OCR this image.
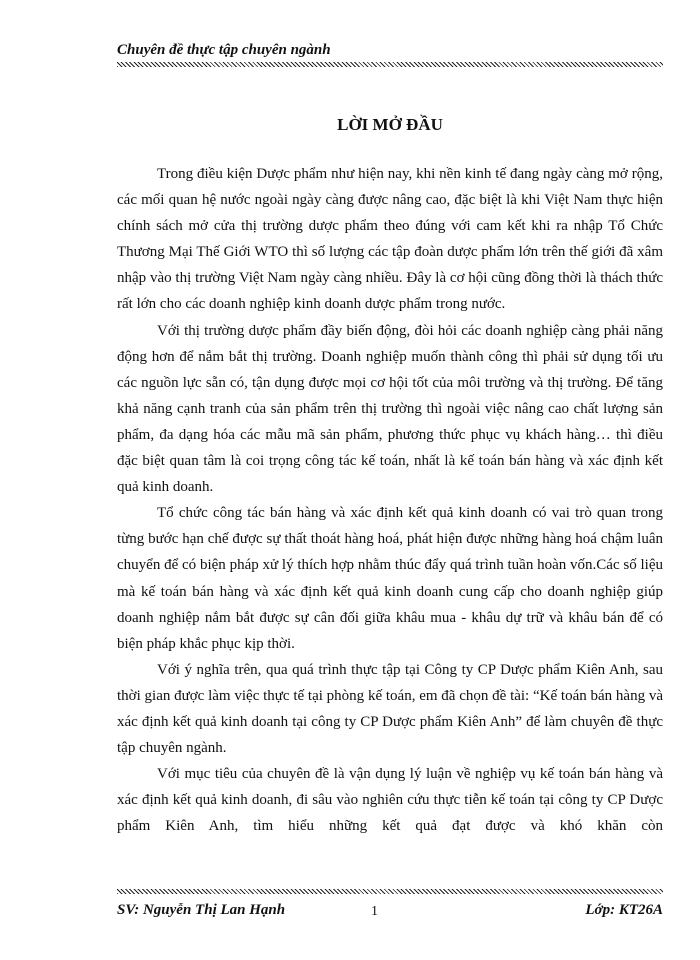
Chuyên đề thực tập chuyên ngành
LỜI MỞ ĐẦU

Trong điều kiện Dược phẩm như hiện nay, khi nền kinh tế đang ngày càng mở rộng, các mối quan hệ nước ngoài ngày càng được nâng cao, đặc biệt là khi Việt Nam thực hiện chính sách mở cửa thị trường dược phẩm theo đúng với cam kết khi ra nhập Tổ Chức Thương Mại Thế Giới WTO thì số lượng các tập đoàn dược phẩm lớn trên thế giới đã xâm nhập vào thị trường Việt Nam ngày càng nhiều. Đây là cơ hội cũng đồng thời là thách thức rất lớn cho các doanh nghiệp kinh doanh dược phẩm trong nước.

Với thị trường dược phẩm đầy biến động, đòi hỏi các doanh nghiệp càng phải năng động hơn để nắm bắt thị trường. Doanh nghiệp muốn thành công thì phải sử dụng tối ưu các nguồn lực sẵn có, tận dụng được mọi cơ hội tốt của môi trường và thị trường. Để tăng khả năng cạnh tranh của sản phẩm trên thị trường thì ngoài việc nâng cao chất lượng sản phẩm, đa dạng hóa các mẫu mã sản phẩm, phương thức phục vụ khách hàng… thì điều đặc biệt quan tâm là coi trọng công tác kế toán, nhất là kế toán bán hàng và xác định kết quả kinh doanh.

Tổ chức công tác bán hàng và xác định kết quả kinh doanh có vai trò quan trong từng bước hạn chế được sự thất thoát hàng hoá, phát hiện được những hàng hoá chậm luân chuyển để có biện pháp xử lý thích hợp nhằm thúc đẩy quá trình tuần hoàn vốn.Các số liệu mà kế toán bán hàng và xác định kết quả kinh doanh cung cấp cho doanh nghiệp giúp doanh nghiệp nắm bắt được sự cân đối giữa khâu mua - khâu dự trữ và khâu bán để có biện pháp khắc phục kịp thời.

Với ý nghĩa trên, qua quá trình thực tập tại Công ty CP Dược phẩm Kiên Anh, sau thời gian được làm việc thực tế tại phòng kế toán, em đã chọn đề tài: “Kế toán bán hàng và xác định kết quả kinh doanh tại công ty CP Dược phẩm Kiên Anh” để làm chuyên đề thực tập chuyên ngành.

Với mục tiêu của chuyên đề là vận dụng lý luận về nghiệp vụ kế toán bán hàng và xác định kết quả kinh doanh, đi sâu vào nghiên cứu thực tiễn kế toán tại công ty CP Dược phẩm Kiên Anh, tìm hiểu những kết quả đạt được và khó khăn còn

SV: Nguyễn Thị Lan Hạnh	1	Lớp: KT26A
